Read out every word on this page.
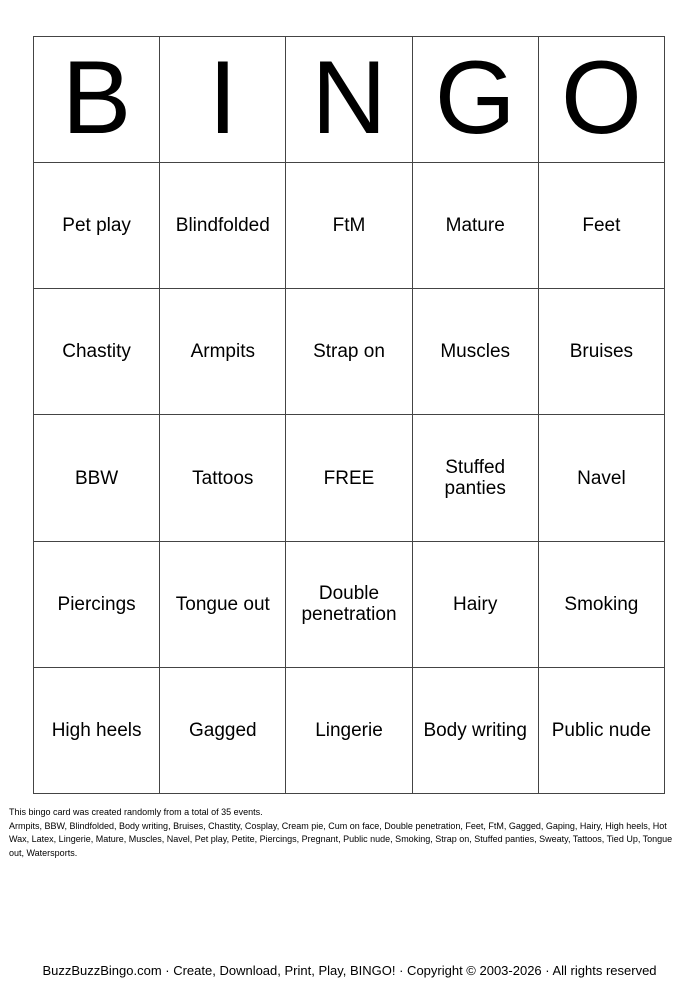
B I N G O
Pet play	Blindfolded	FtM	Mature	Feet
Chastity	Armpits	Strap on	Muscles	Bruises
BBW	Tattoos	FREE	Stuffed panties	Navel
Piercings	Tongue out	Double penetration	Hairy	Smoking
High heels	Gagged	Lingerie	Body writing	Public nude

This bingo card was created randomly from a total of 35 events.

Armpits, BBW, Blindfolded, Body writing, Bruises, Chastity, Cosplay, Cream pie, Cum on face, Double penetration, Feet, FtM, Gagged, Gaping, Hairy, High heels, Hot Wax, Latex, Lingerie, Mature, Muscles, Navel, Pet play, Petite, Piercings, Pregnant, Public nude, Smoking, Strap on, Stuffed panties, Sweaty, Tattoos, Tied Up, Tongue out, Watersports.

BuzzBuzzBingo.com · Create, Download, Print, Play, BINGO! · Copyright © 2003-2026 · All rights reserved
